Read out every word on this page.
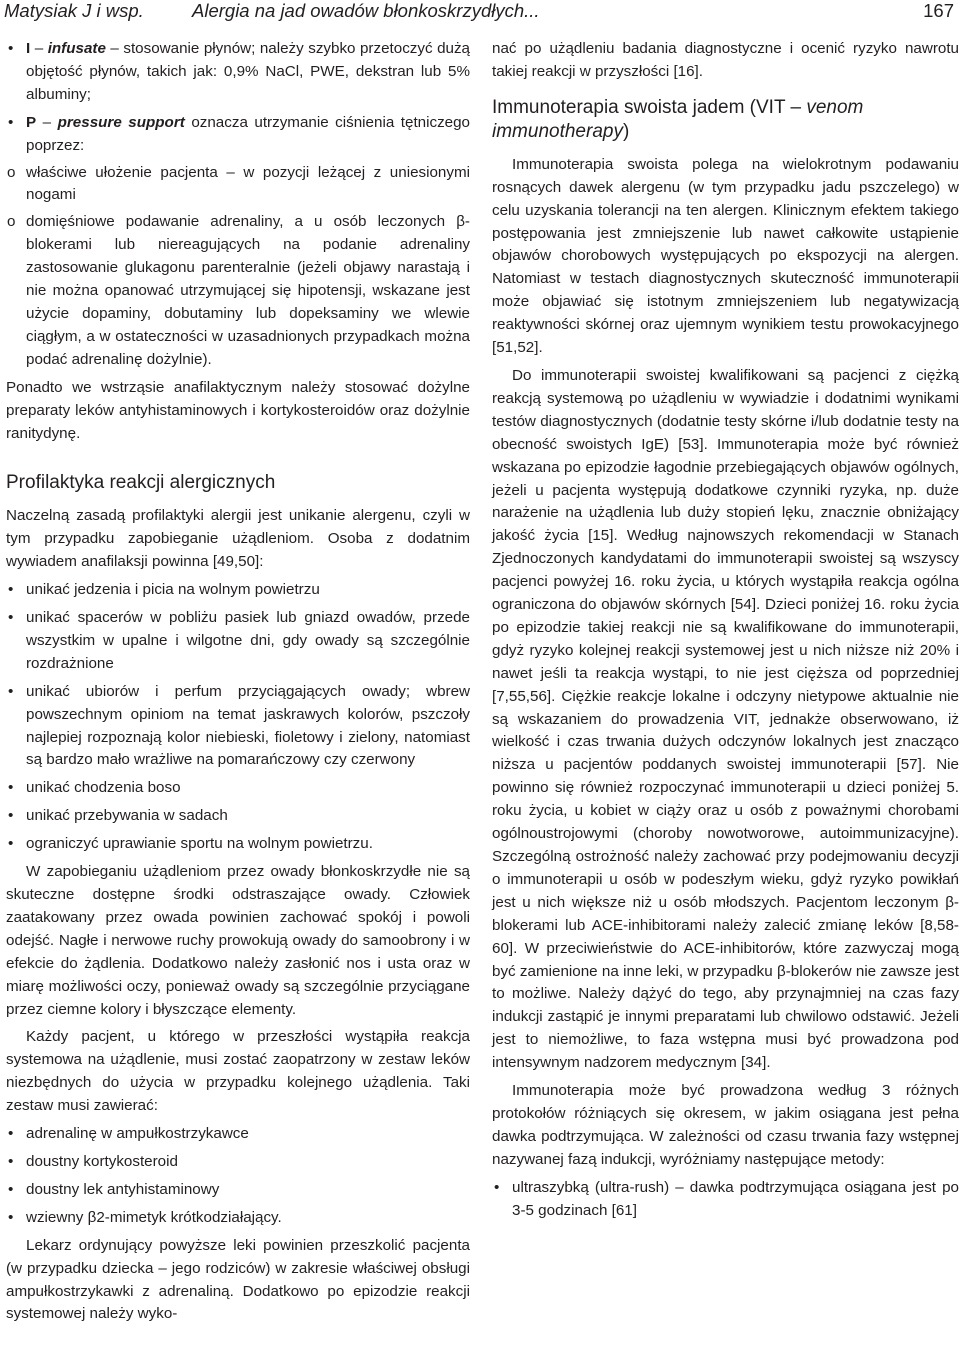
Matysiak J i wsp.	Alergia na jad owadów błonkoskrzydłych...	167
• I – infusate – stosowanie płynów; należy szybko przetoczyć dużą objętość płynów, takich jak: 0,9% NaCl, PWE, dekstran lub 5% albuminy;
• P – pressure support oznacza utrzymanie ciśnienia tętniczego poprzez:
o właściwe ułożenie pacjenta – w pozycji leżącej z uniesionymi nogami
o domięśniowe podawanie adrenaliny, a u osób leczonych β-blokerami lub niereagujących na podanie adrenaliny zastosowanie glukagonu parenteralnie (jeżeli objawy narastają i nie można opanować utrzymującej się hipotensji, wskazane jest użycie dopaminy, dobutaminy lub dopeksaminy we wlewie ciągłym, a w ostateczności w uzasadnionych przypadkach można podać adrenalinę dożylnie).

Ponadto we wstrząsie anafilaktycznym należy stosować dożylne preparaty leków antyhistaminowych i kortykosteroidów oraz dożylnie ranitydynę.

Profilaktyka reakcji alergicznych

Naczelną zasadą profilaktyki alergii jest unikanie alergenu, czyli w tym przypadku zapobieganie użądleniom. Osoba z dodatnim wywiadem anafilaksji powinna [49,50]:

• unikać jedzenia i picia na wolnym powietrzu
• unikać spacerów w pobliżu pasiek lub gniazd owadów, przede wszystkim w upalne i wilgotne dni, gdy owady są szczególnie rozdrażnione
• unikać ubiorów i perfum przyciągających owady; wbrew powszechnym opiniom na temat jaskrawych kolorów, pszczoły najlepiej rozpoznają kolor niebieski, fioletowy i zielony, natomiast są bardzo mało wrażliwe na pomarańczowy czy czerwony
• unikać chodzenia boso
• unikać przebywania w sadach
• ograniczyć uprawianie sportu na wolnym powietrzu.

W zapobieganiu użądleniom przez owady błonkoskrzydłe nie są skuteczne dostępne środki odstraszające owady. Człowiek zaatakowany przez owada powinien zachować spokój i powoli odejść. Nagłe i nerwowe ruchy prowokują owady do samoobrony i w efekcie do żądlenia. Dodatkowo należy zasłonić nos i usta oraz w miarę możliwości oczy, ponieważ owady są szczególnie przyciągane przez ciemne kolory i błyszczące elementy.

Każdy pacjent, u którego w przeszłości wystąpiła reakcja systemowa na użądlenie, musi zostać zaopatrzony w zestaw leków niezbędnych do użycia w przypadku kolejnego użądlenia. Taki zestaw musi zawierać:

• adrenalinę w ampułkostrzykawce
• doustny kortykosteroid
• doustny lek antyhistaminowy
• wziewny β2-mimetyk krótkodziałający.

Lekarz ordynujący powyższe leki powinien przeszkolić pacjenta (w przypadku dziecka – jego rodziców) w zakresie właściwej obsługi ampułkostrzykawki z adrenaliną. Dodatkowo po epizodzie reakcji systemowej należy wyko-

nać po użądleniu badania diagnostyczne i ocenić ryzyko nawrotu takiej reakcji w przyszłości [16].

Immunoterapia swoista jadem (VIT – venom immunotherapy)

Immunoterapia swoista polega na wielokrotnym podawaniu rosnących dawek alergenu (w tym przypadku jadu pszczelego) w celu uzyskania tolerancji na ten alergen. Klinicznym efektem takiego postępowania jest zmniejszenie lub nawet całkowite ustąpienie objawów chorobowych występujących po ekspozycji na alergen. Natomiast w testach diagnostycznych skuteczność immunoterapii może objawiać się istotnym zmniejszeniem lub negatywizacją reaktywności skórnej oraz ujemnym wynikiem testu prowokacyjnego [51,52].

Do immunoterapii swoistej kwalifikowani są pacjenci z ciężką reakcją systemową po użądleniu w wywiadzie i dodatnimi wynikami testów diagnostycznych (dodatnie testy skórne i/lub dodatnie testy na obecność swoistych IgE) [53]. Immunoterapia może być również wskazana po epizodzie łagodnie przebiegających objawów ogólnych, jeżeli u pacjenta występują dodatkowe czynniki ryzyka, np. duże narażenie na użądlenia lub duży stopień lęku, znacznie obniżający jakość życia [15]. Według najnowszych rekomendacji w Stanach Zjednoczonych kandydatami do immunoterapii swoistej są wszyscy pacjenci powyżej 16. roku życia, u których wystąpiła reakcja ogólna ograniczona do objawów skórnych [54]. Dzieci poniżej 16. roku życia po epizodzie takiej reakcji nie są kwalifikowane do immunoterapii, gdyż ryzyko kolejnej reakcji systemowej jest u nich niższe niż 20% i nawet jeśli ta reakcja wystąpi, to nie jest cięższa od poprzedniej [7,55,56]. Ciężkie reakcje lokalne i odczyny nietypowe aktualnie nie są wskazaniem do prowadzenia VIT, jednakże obserwowano, iż wielkość i czas trwania dużych odczynów lokalnych jest znacząco niższa u pacjentów poddanych swoistej immunoterapii [57]. Nie powinno się również rozpoczynać immunoterapii u dzieci poniżej 5. roku życia, u kobiet w ciąży oraz u osób z poważnymi chorobami ogólnoustrojowymi (choroby nowotworowe, autoimmunizacyjne). Szczególną ostrożność należy zachować przy podejmowaniu decyzji o immunoterapii u osób w podeszłym wieku, gdyż ryzyko powikłań jest u nich większe niż u osób młodszych. Pacjentom leczonym β-blokerami lub ACE-inhibitorami należy zalecić zmianę leków [8,58-60]. W przeciwieństwie do ACE-inhibitorów, które zazwyczaj mogą być zamienione na inne leki, w przypadku β-blokerów nie zawsze jest to możliwe. Należy dążyć do tego, aby przynajmniej na czas fazy indukcji zastąpić je innymi preparatami lub chwilowo odstawić. Jeżeli jest to niemożliwe, to faza wstępna musi być prowadzona pod intensywnym nadzorem medycznym [34].

Immunoterapia może być prowadzona według 3 różnych protokołów różniących się okresem, w jakim osiągana jest pełna dawka podtrzymująca. W zależności od czasu trwania fazy wstępnej nazywanej fazą indukcji, wyróżniamy następujące metody:

• ultraszybką (ultra-rush) – dawka podtrzymująca osiągana jest po 3-5 godzinach [61]
